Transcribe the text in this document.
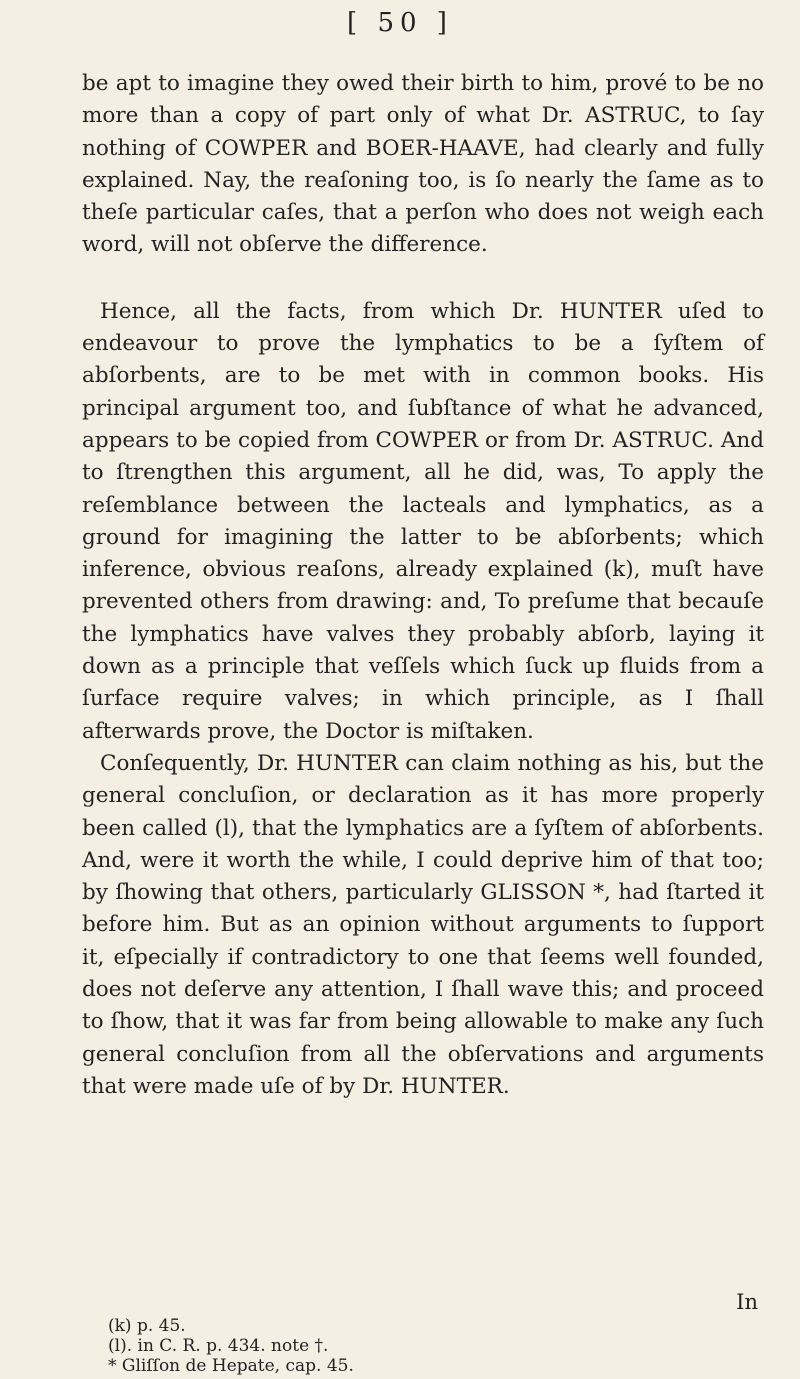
[ 50 ]

be apt to imagine they owed their birth to him, prové to be no more than a copy of part only of what Dr. ASTRUC, to ſay nothing of COWPER and BOER-HAAVE, had clearly and fully explained. Nay, the reaſoning too, is ſo nearly the ſame as to theſe particular caſes, that a perſon who does not weigh each word, will not obſerve the difference.

Hence, all the facts, from which Dr. HUNTER uſed to endeavour to prove the lymphatics to be a ſyſtem of abſorbents, are to be met with in common books. His principal argument too, and ſubſtance of what he advanced, appears to be copied from COWPER or from Dr. ASTRUC. And to ſtrengthen this argument, all he did, was, To apply the reſemblance between the lacteals and lymphatics, as a ground for imagining the latter to be abſorbents; which inference, obvious reaſons, already explained (k), muſt have prevented others from drawing: and, To preſume that becauſe the lymphatics have valves they probably abſorb, laying it down as a principle that veſſels which ſuck up fluids from a ſurface require valves; in which principle, as I ſhall afterwards prove, the Doctor is miſtaken.

Conſequently, Dr. HUNTER can claim nothing as his, but the general concluſion, or declaration as it has more properly been called (l), that the lymphatics are a ſyſtem of abſorbents. And, were it worth the while, I could deprive him of that too; by ſhowing that others, particularly GLISSON *, had ſtarted it before him. But as an opinion without arguments to ſupport it, eſpecially if contradictory to one that ſeems well founded, does not deſerve any attention, I ſhall wave this; and proceed to ſhow, that it was far from being allowable to make any ſuch general concluſion from all the obſervations and arguments that were made uſe of by Dr. HUNTER.

In
(k) p. 45.
(l). in C. R. p. 434. note †.
* Gliſſon de Hepate, cap. 45.
